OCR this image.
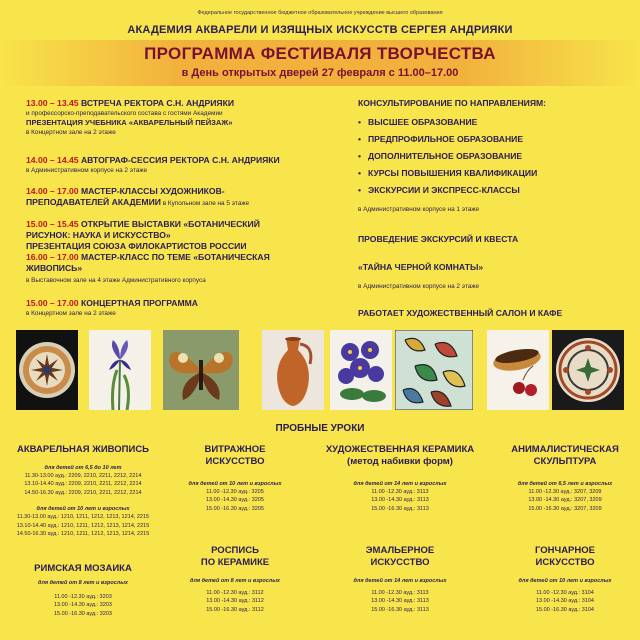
Федеральное государственное бюджетное образовательное учреждение высшего образования
АКАДЕМИЯ АКВАРЕЛИ И ИЗЯЩНЫХ ИСКУССТВ СЕРГЕЯ АНДРИЯКИ
ПРОГРАММА ФЕСТИВАЛЯ ТВОРЧЕСТВА
в День открытых дверей 27 февраля с 11.00–17.00
13.00 – 13.45 ВСТРЕЧА РЕКТОРА С.Н. АНДРИЯКИ
и профессорско-преподавательского состава с гостями Академии
ПРЕЗЕНТАЦИЯ УЧЕБНИКА «АКВАРЕЛЬНЫЙ ПЕЙЗАЖ»
в Концертном зале на 2 этаже
14.00 – 14.45 АВТОГРАФ-СЕССИЯ РЕКТОРА С.Н. АНДРИЯКИ
в Административном корпусе на 2 этаже
14.00 – 17.00 МАСТЕР-КЛАССЫ ХУДОЖНИКОВ-
ПРЕПОДАВАТЕЛЕЙ АКАДЕМИИ в Купольном зале на 5 этаже
15.00 – 15.45 ОТКРЫТИЕ ВЫСТАВКИ «БОТАНИЧЕСКИЙ
РИСУНОК: НАУКА И ИСКУССТВО»
ПРЕЗЕНТАЦИЯ СОЮЗА ФИЛОКАРТИСТОВ РОССИИ
16.00 – 17.00 МАСТЕР-КЛАСС ПО ТЕМЕ «БОТАНИЧЕСКАЯ
ЖИВОПИСЬ»
в Выставочном зале на 4 этаже Административного корпуса
15.00 – 17.00 КОНЦЕРТНАЯ ПРОГРАММА
в Концертном зале на 2 этаже
КОНСУЛЬТИРОВАНИЕ ПО НАПРАВЛЕНИЯМ:
• ВЫСШЕЕ ОБРАЗОВАНИЕ
• ПРЕДПРОФИЛЬНОЕ ОБРАЗОВАНИЕ
• ДОПОЛНИТЕЛЬНОЕ ОБРАЗОВАНИЕ
• КУРСЫ ПОВЫШЕНИЯ КВАЛИФИКАЦИИ
• ЭКСКУРСИИ И ЭКСПРЕСС-КЛАССЫ
в Административном корпусе на 1 этаже
ПРОВЕДЕНИЕ ЭКСКУРСИЙ И КВЕСТА
«ТАЙНА ЧЕРНОЙ КОМНАТЫ»
в Административном корпусе на 2 этаже
РАБОТАЕТ ХУДОЖЕСТВЕННЫЙ САЛОН И КАФЕ
ПРОБНЫЕ УРОКИ
АКВАРЕЛЬНАЯ ЖИВОПИСЬ
для детей от 6,5 до 10 лет
11.30-13.00 ауд.: 2209, 2210, 2211, 2212, 2214
13.10-14.40 ауд.: 2209, 2210, 2211, 2212, 2214
14.50-16.30 ауд.: 2209, 2210, 2211, 2212, 2214
для детей от 10 лет и взрослых
11.30-13.00 ауд.: 1210, 1211, 1212, 1213, 1214, 2215
13.10-14.40 ауд.: 1210, 1211, 1212, 1213, 1214, 2215
14.50-16.30 ауд.: 1210, 1211, 1212, 1213, 1214, 2215
ВИТРАЖНОЕ
ИСКУССТВО
для детей от 10 лет и взрослых
11.00 -12.30 ауд.: 3205
13.00 -14.30 ауд.: 3205
15.00 -16.30 ауд.: 3205
ХУДОЖЕСТВЕННАЯ КЕРАМИКА
(метод набивки форм)
для детей от 14 лет и взрослых
11.00 -12.30 ауд.: 3113
13.00 -14.30 ауд.: 3113
15.00 -16.30 ауд.: 3113
АНИМАЛИСТИЧЕСКАЯ
СКУЛЬПТУРА
для детей от 6,5 лет и взрослых
11.00 -12.30 ауд.: 3207, 3209
13.00 -14.30 ауд.: 3207, 3209
15.00 -16.30 ауд.: 3207, 3209
РИМСКАЯ МОЗАИКА
для детей от 8 лет и взрослых
11.00 -12.30 ауд.: 3203
13.00 -14.30 ауд.: 3203
15.00 -16.30 ауд.: 3203
РОСПИСЬ
ПО КЕРАМИКЕ
для детей от 8 лет и взрослых
11.00 -12.30 ауд.: 3112
13.00 -14.30 ауд.: 3112
15.00 -16.30 ауд.: 3112
ЭМАЛЬЕРНОЕ
ИСКУССТВО
для детей от 14 лет и взрослых
11.00 -12.30 ауд.: 3113
13.00 -14.30 ауд.: 3113
15.00 -16.30 ауд.: 3113
ГОНЧАРНОЕ
ИСКУССТВО
для детей от 10 лет и взрослых
11.00 -12.30 ауд.: 3104
13.00 -14.30 ауд.: 3104
15.00 -16.30 ауд.: 3104
